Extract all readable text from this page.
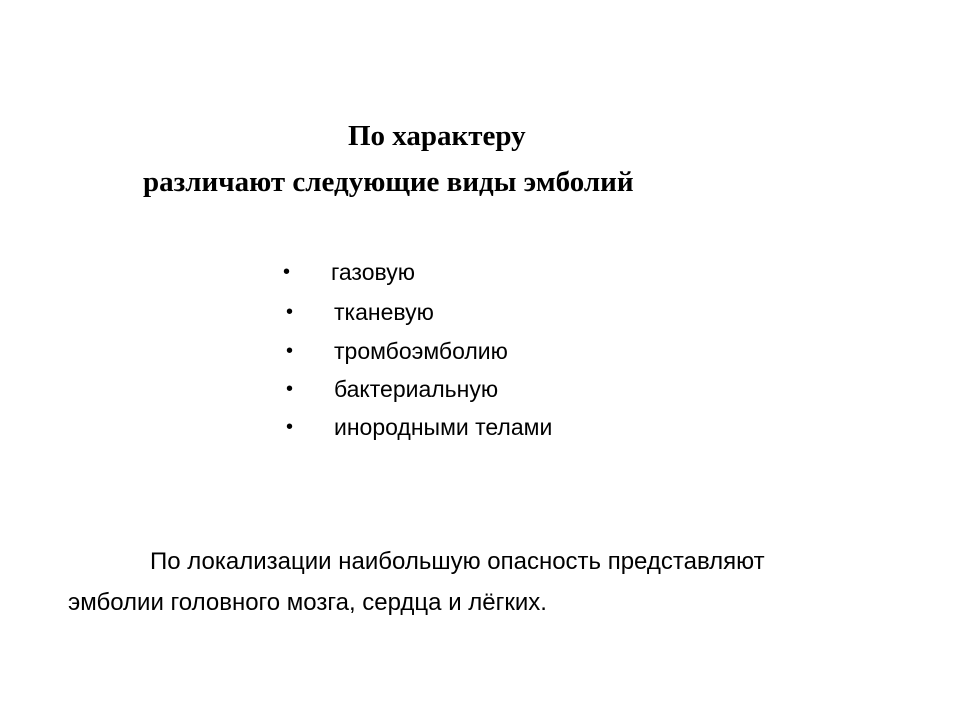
По характеру
различают следующие виды эмболий
• газовую
• тканевую
• тромбоэмболию
• бактериальную
• инородными телами
По локализации наибольшую опасность представляют
эмболии головного мозга, сердца и лёгких.
